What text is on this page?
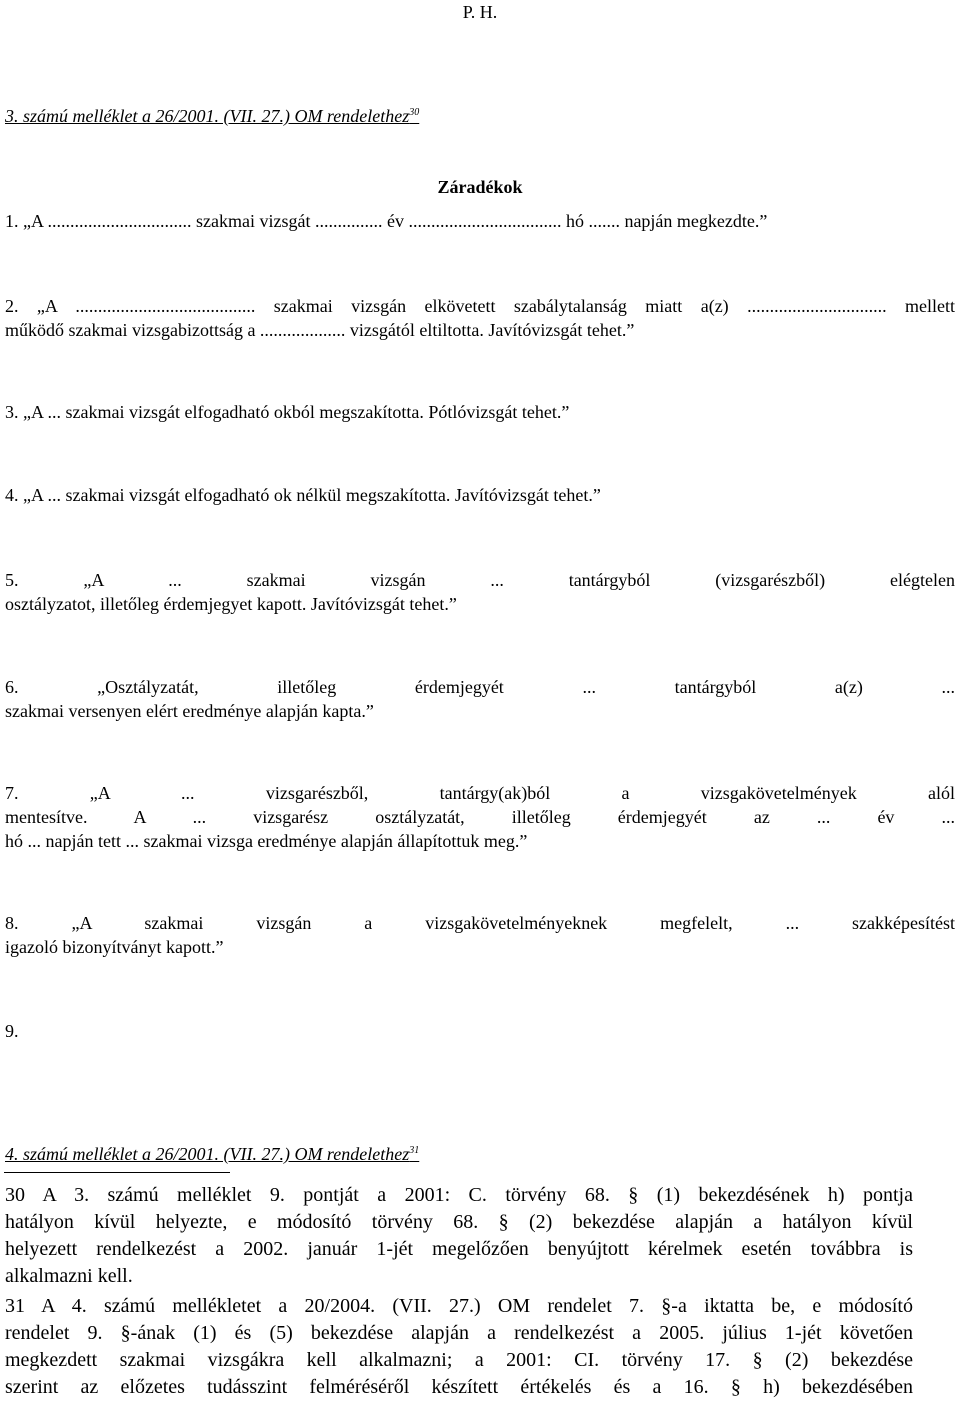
P. H.
3. számú melléklet a 26/2001. (VII. 27.) OM rendelethez$^{30}$
Záradékok
1. „A ................................ szakmai vizsgát ............... év .................................. hó ....... napján megkezdte.”
2. „A ........................................ szakmai vizsgán elkövetett szabálytalanság miatt a(z) ............................... mellett
működő szakmai vizsgabizottság a ................... vizsgától eltiltotta. Javítóvizsgát tehet.”
3. „A ... szakmai vizsgát elfogadható okból megszakította. Pótlóvizsgát tehet.”
4. „A ... szakmai vizsgát elfogadható ok nélkül megszakította. Javítóvizsgát tehet.”
5. „A ... szakmai vizsgán ... tantárgyból (vizsgarészből) elégtelen
osztályzatot, illetőleg érdemjegyet kapott. Javítóvizsgát tehet.”
6. „Osztályzatát, illetőleg érdemjegyét ... tantárgyból a(z) ...
szakmai versenyen elért eredménye alapján kapta.”
7. „A ... vizsgarészből, tantárgy(ak)ból a vizsgakövetelmények alól
mentesítve. A ... vizsgarész osztályzatát, illetőleg érdemjegyét az ... év ...
hó ... napján tett ... szakmai vizsga eredménye alapján állapítottuk meg.”
8. „A szakmai vizsgán a vizsgakövetelményeknek megfelelt, ... szakképesítést
igazoló bizonyítványt kapott.”
9.
4. számú melléklet a 26/2001. (VII. 27.) OM rendelethez$^{31}$
30 A 3. számú melléklet 9. pontját a 2001: C. törvény 68. § (1) bekezdésének h) pontja
hatályon kívül helyezte, e módosító törvény 68. § (2) bekezdése alapján a hatályon kívül
helyezett rendelkezést a 2002. január 1-jét megelőzően benyújtott kérelmek esetén továbbra is
alkalmazni kell.
31 A 4. számú mellékletet a 20/2004. (VII. 27.) OM rendelet 7. §-a iktatta be, e módosító
rendelet 9. §-ának (1) és (5) bekezdése alapján a rendelkezést a 2005. július 1-jét követően
megkezdett szakmai vizsgákra kell alkalmazni; a 2001: CI. törvény 17. § (2) bekezdése
szerint az előzetes tudásszint felméréséről készített értékelés és a 16. § h) bekezdésében
